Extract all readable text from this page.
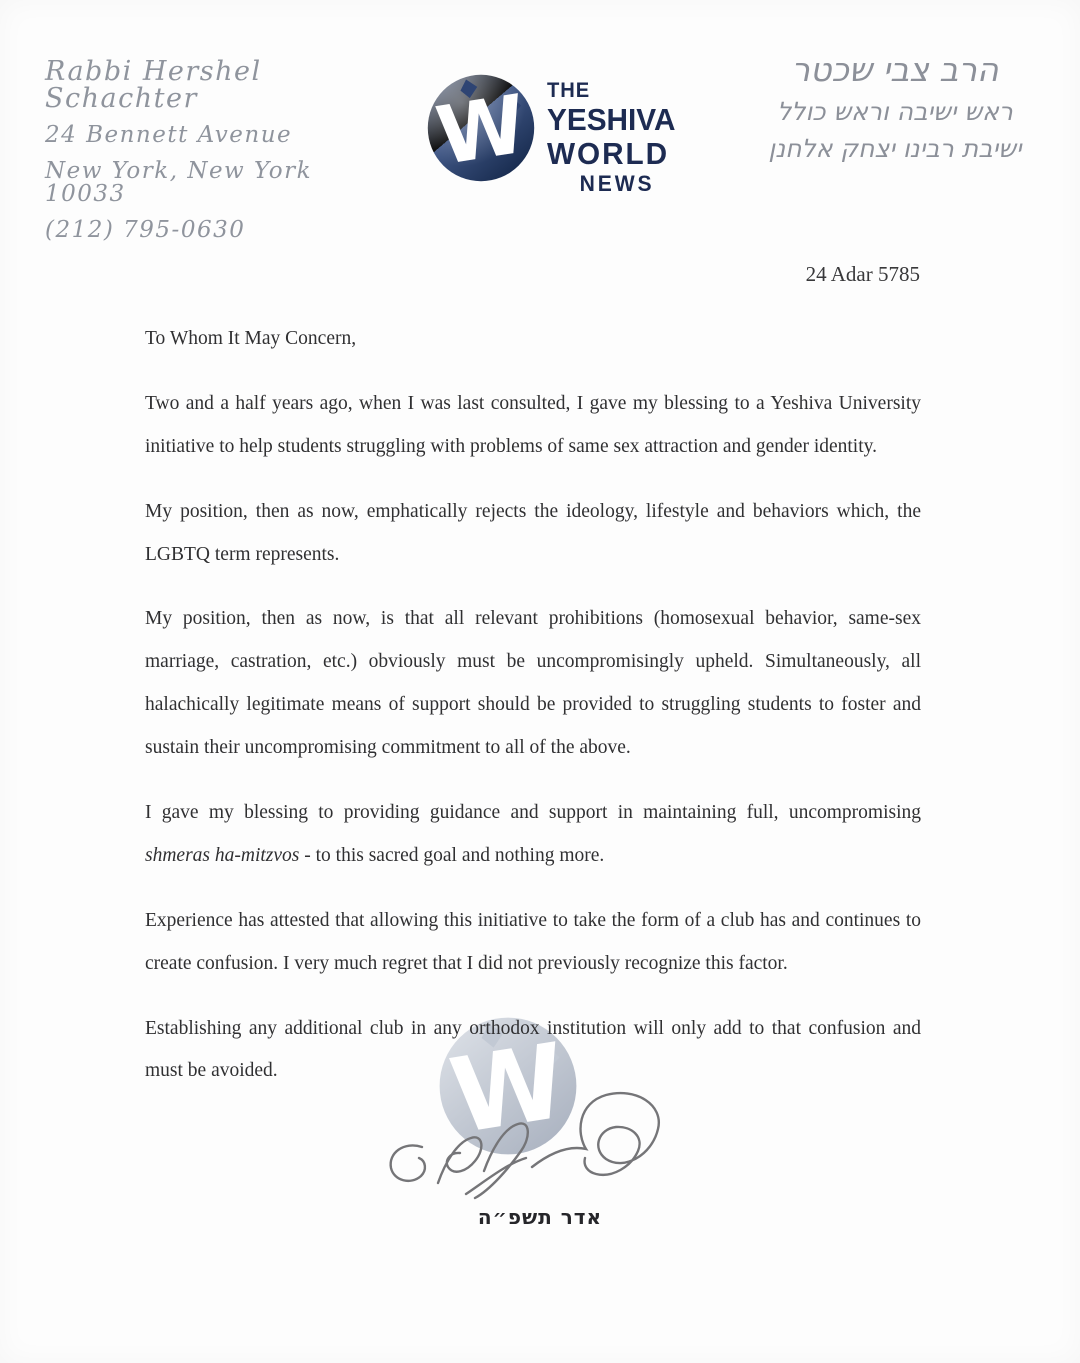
Rabbi Hershel Schachter
24 Bennett Avenue
New York, New York 10033
(212) 795-0630
W THE
YESHIVA
WORLD
NEWS
הרב צבי שכטר
ראש ישיבה וראש כולל
ישיבת רבינו יצחק אלחנן
24 Adar 5785
W

To Whom It May Concern,

Two and a half years ago, when I was last consulted, I gave my blessing to a Yeshiva University initiative to help students struggling with problems of same sex attraction and gender identity.

My position, then as now, emphatically rejects the ideology, lifestyle and behaviors which, the LGBTQ term represents.

My position, then as now, is that all relevant prohibitions (homosexual behavior, same-sex marriage, castration, etc.) obviously must be uncompromisingly upheld. Simultaneously, all halachically legitimate means of support should be provided to struggling students to foster and sustain their uncompromising commitment to all of the above.

I gave my blessing to providing guidance and support in maintaining full, uncompromising shmeras ha-mitzvos - to this sacred goal and nothing more.

Experience has attested that allowing this initiative to take the form of a club has and continues to create confusion. I very much regret that I did not previously recognize this factor.

Establishing any additional club in any orthodox institution will only add to that confusion and must be avoided.

אדר תשפ״ה
